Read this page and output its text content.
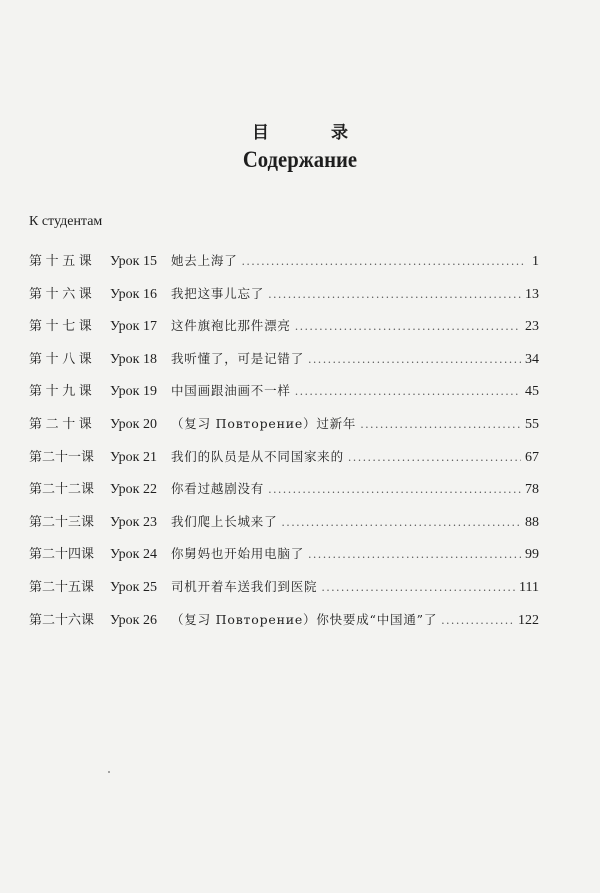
目 录
Содержание
К студентам
第十五课	Урок 15	她去上海了 .....	1
第十六课	Урок 16	我把这事儿忘了 .....	13
第十七课	Урок 17	这件旗袍比那件漂亮 .....	23
第十八课	Урок 18	我听懂了，可是记错了 .....	34
第十九课	Урок 19	中国画跟油画不一样 .....	45
第二十课	Урок 20	（复习 Повторение）过新年 .....	55
第二十一课	Урок 21	我们的队员是从不同国家来的 .....	67
第二十二课	Урок 22	你看过越剧没有 .....	78
第二十三课	Урок 23	我们爬上长城来了 .....	88
第二十四课	Урок 24	你舅妈也开始用电脑了 .....	99
第二十五课	Урок 25	司机开着车送我们到医院 .....	111
第二十六课	Урок 26	（复习 Повторение）你快要成“中国通”了 .....	122
